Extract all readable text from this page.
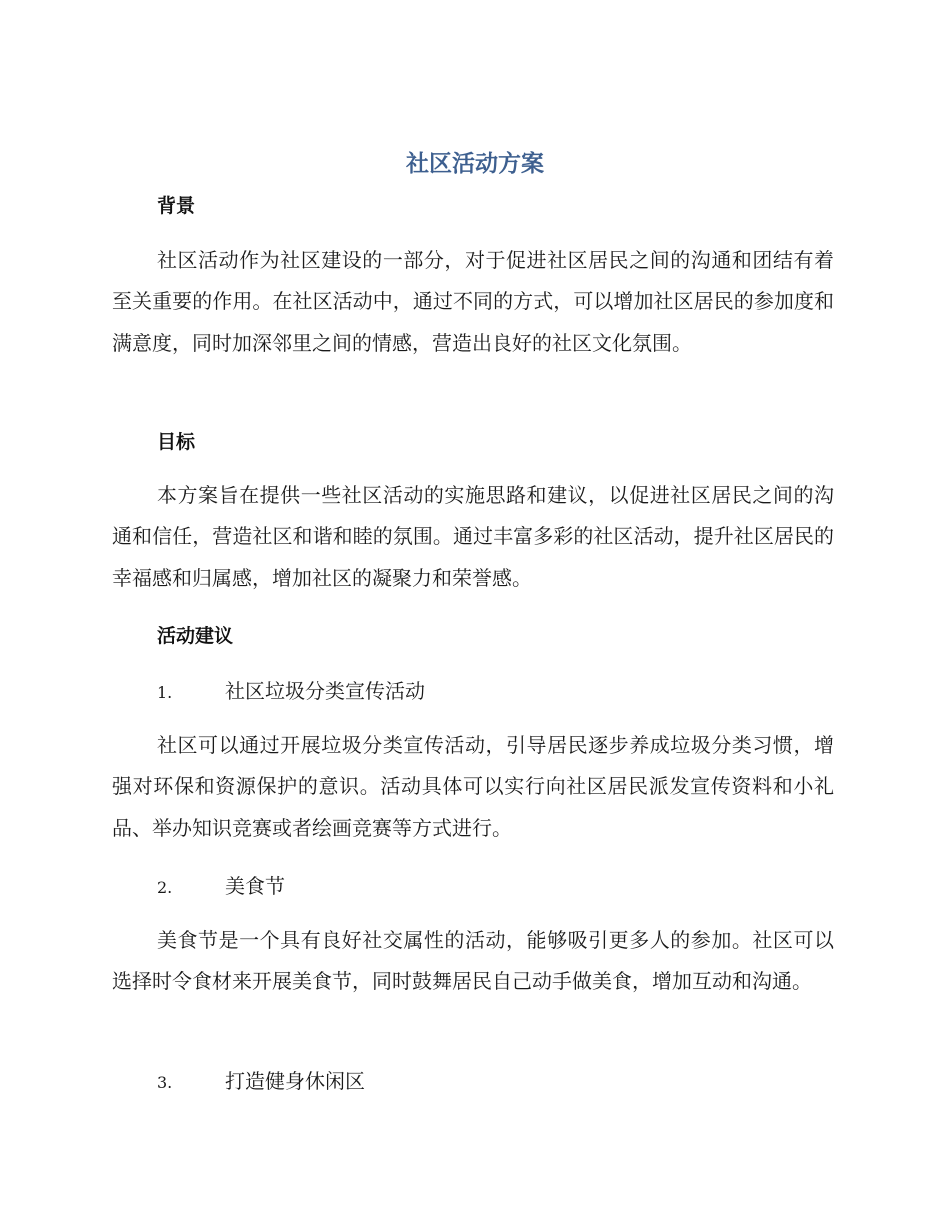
社区活动方案
背景
社区活动作为社区建设的一部分，对于促进社区居民之间的沟通和团结有着至关重要的作用。在社区活动中，通过不同的方式，可以增加社区居民的参加度和满意度，同时加深邻里之间的情感，营造出良好的社区文化氛围。
目标
本方案旨在提供一些社区活动的实施思路和建议，以促进社区居民之间的沟通和信任，营造社区和谐和睦的氛围。通过丰富多彩的社区活动，提升社区居民的幸福感和归属感，增加社区的凝聚力和荣誉感。
活动建议
1.	社区垃圾分类宣传活动
社区可以通过开展垃圾分类宣传活动，引导居民逐步养成垃圾分类习惯，增强对环保和资源保护的意识。活动具体可以实行向社区居民派发宣传资料和小礼品、举办知识竞赛或者绘画竞赛等方式进行。
2.	美食节
美食节是一个具有良好社交属性的活动，能够吸引更多人的参加。社区可以选择时令食材来开展美食节，同时鼓舞居民自己动手做美食，增加互动和沟通。
3.	打造健身休闲区
